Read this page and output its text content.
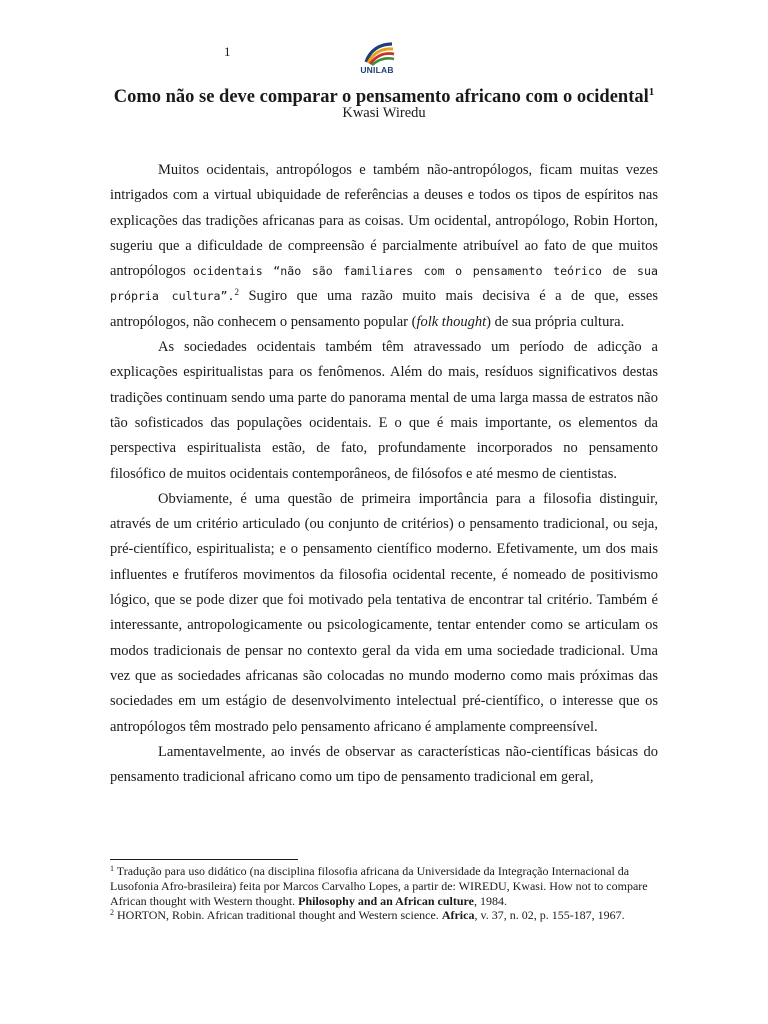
1
UNILAB
Como não se deve comparar o pensamento africano com o ocidental$^1$
Kwasi Wiredu

Muitos ocidentais, antropólogos e também não-antropólogos, ficam muitas vezes intrigados com a virtual ubiquidade de referências a deuses e todos os tipos de espíritos nas explicações das tradições africanas para as coisas. Um ocidental, antropólogo, Robin Horton, sugeriu que a dificuldade de compreensão é parcialmente atribuível ao fato de que muitos antropólogos ocidentais “não são familiares com o pensamento teórico de sua própria cultura”.$^2$ Sugiro que uma razão muito mais decisiva é a de que, esses antropólogos, não conhecem o pensamento popular (folk thought) de sua própria cultura.

As sociedades ocidentais também têm atravessado um período de adicção a explicações espiritualistas para os fenômenos. Além do mais, resíduos significativos destas tradições continuam sendo uma parte do panorama mental de uma larga massa de estratos não tão sofisticados das populações ocidentais. E o que é mais importante, os elementos da perspectiva espiritualista estão, de fato, profundamente incorporados no pensamento filosófico de muitos ocidentais contemporâneos, de filósofos e até mesmo de cientistas.

Obviamente, é uma questão de primeira importância para a filosofia distinguir, através de um critério articulado (ou conjunto de critérios) o pensamento tradicional, ou seja, pré-científico, espiritualista; e o pensamento científico moderno. Efetivamente, um dos mais influentes e frutíferos movimentos da filosofia ocidental recente, é nomeado de positivismo lógico, que se pode dizer que foi motivado pela tentativa de encontrar tal critério. Também é interessante, antropologicamente ou psicologicamente, tentar entender como se articulam os modos tradicionais de pensar no contexto geral da vida em uma sociedade tradicional. Uma vez que as sociedades africanas são colocadas no mundo moderno como mais próximas das sociedades em um estágio de desenvolvimento intelectual pré-científico, o interesse que os antropólogos têm mostrado pelo pensamento africano é amplamente compreensível.

Lamentavelmente, ao invés de observar as características não-científicas básicas do pensamento tradicional africano como um tipo de pensamento tradicional em geral,

$^1$ Tradução para uso didático (na disciplina filosofia africana da Universidade da Integração Internacional da Lusofonia Afro-brasileira) feita por Marcos Carvalho Lopes, a partir de: WIREDU, Kwasi. How not to compare African thought with Western thought. Philosophy and an African culture, 1984.

$^2$ HORTON, Robin. African traditional thought and Western science. Africa, v. 37, n. 02, p. 155-187, 1967.
